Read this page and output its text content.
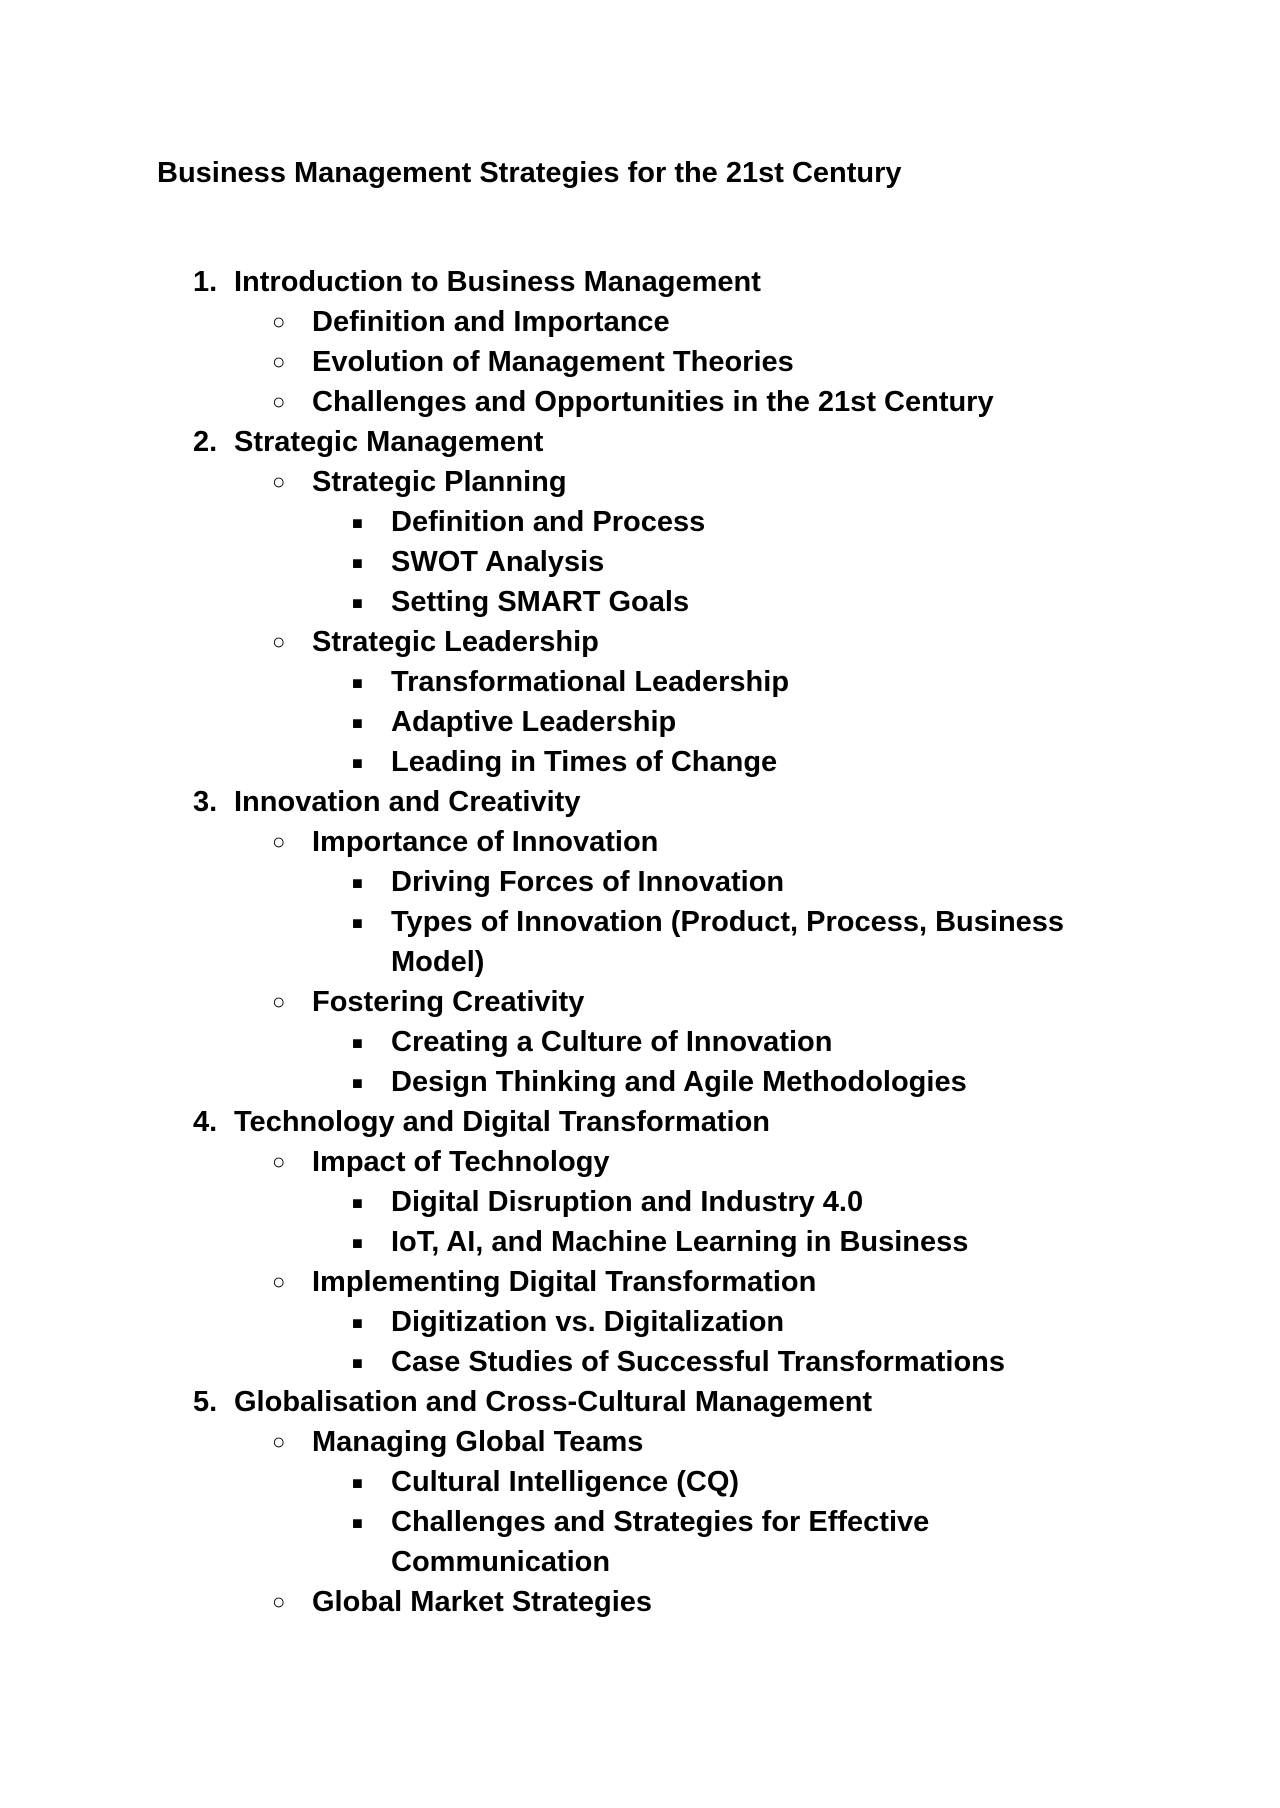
Business Management Strategies for the 21st Century
1. Introduction to Business Management
○ Definition and Importance
○ Evolution of Management Theories
○ Challenges and Opportunities in the 21st Century
2. Strategic Management
○ Strategic Planning
■ Definition and Process
■ SWOT Analysis
■ Setting SMART Goals
○ Strategic Leadership
■ Transformational Leadership
■ Adaptive Leadership
■ Leading in Times of Change
3. Innovation and Creativity
○ Importance of Innovation
■ Driving Forces of Innovation
■ Types of Innovation (Product, Process, Business Model)
○ Fostering Creativity
■ Creating a Culture of Innovation
■ Design Thinking and Agile Methodologies
4. Technology and Digital Transformation
○ Impact of Technology
■ Digital Disruption and Industry 4.0
■ IoT, AI, and Machine Learning in Business
○ Implementing Digital Transformation
■ Digitization vs. Digitalization
■ Case Studies of Successful Transformations
5. Globalisation and Cross-Cultural Management
○ Managing Global Teams
■ Cultural Intelligence (CQ)
■ Challenges and Strategies for Effective Communication
○ Global Market Strategies
